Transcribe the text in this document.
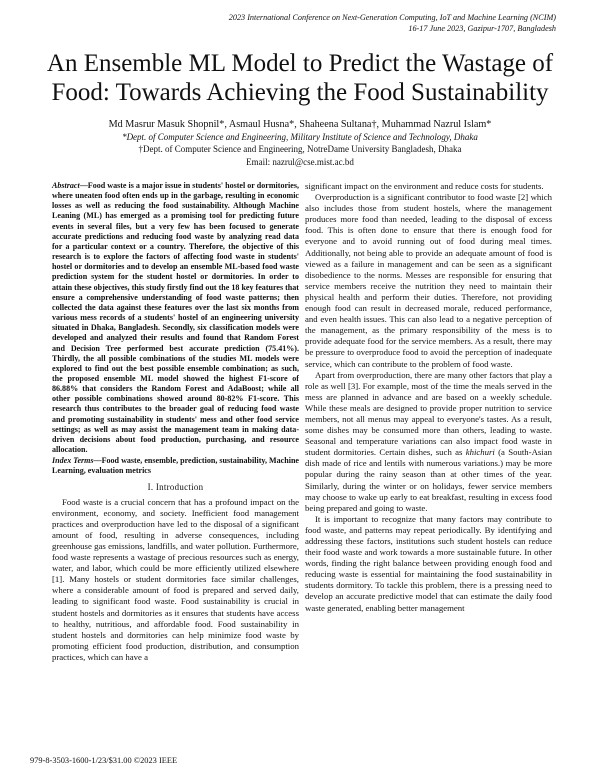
2023 International Conference on Next-Generation Computing, IoT and Machine Learning (NCIM)
16-17 June 2023, Gazipur-1707, Bangladesh
An Ensemble ML Model to Predict the Wastage of
Food: Towards Achieving the Food Sustainability
Md Masrur Masuk Shopnil*, Asmaul Husna*, Shaheena Sultana†, Muhammad Nazrul Islam*
*Dept. of Computer Science and Engineering, Military Institute of Science and Technology, Dhaka
†Dept. of Computer Science and Engineering, NotreDame University Bangladesh, Dhaka
Email: nazrul@cse.mist.ac.bd
Abstract—Food waste is a major issue in students' hostel or dormitories, where uneaten food often ends up in the garbage, resulting in economic losses as well as reducing the food sustainability. Although Machine Leaning (ML) has emerged as a promising tool for predicting future events in several files, but a very few has been focused to generate accurate predictions and reducing food waste by analyzing read data for a particular context or a country. Therefore, the objective of this research is to explore the factors of affecting food waste in students' hostel or dormitories and to develop an ensemble ML-based food waste prediction system for the student hostel or dormitories. In order to attain these objectives, this study firstly find out the 18 key features that ensure a comprehensive understanding of food waste patterns; then collected the data against these features over the last six months from various mess records of a students' hostel of an engineering university situated in Dhaka, Bangladesh. Secondly, six classification models were developed and analyzed their results and found that Random Forest and Decision Tree performed best accurate prediction (75.41%). Thirdly, the all possible combinations of the studies ML models were explored to find out the best possible ensemble combination; as such, the proposed ensemble ML model showed the highest F1-score of 86.88% that considers the Random Forest and AdaBoost; while all other possible combinations showed around 80-82% F1-score. This research thus contributes to the broader goal of reducing food waste and promoting sustainability in students' mess and other food service settings; as well as may assist the management team in making data-driven decisions about food production, purchasing, and resource allocation.
Index Terms—Food waste, ensemble, prediction, sustainability, Machine Learning, evaluation metrics
I. Introduction

Food waste is a crucial concern that has a profound impact on the environment, economy, and society. Inefficient food management practices and overproduction have led to the disposal of a significant amount of food, resulting in adverse consequences, including greenhouse gas emissions, landfills, and water pollution. Furthermore, food waste represents a wastage of precious resources such as energy, water, and labor, which could be more efficiently utilized elsewhere [1]. Many hostels or student dormitories face similar challenges, where a considerable amount of food is prepared and served daily, leading to significant food waste. Food sustainability is crucial in student hostels and dormitories as it ensures that students have access to healthy, nutritious, and affordable food. Food sustainability in student hostels and dormitories can help minimize food waste by promoting efficient food production, distribution, and consumption practices, which can have a

significant impact on the environment and reduce costs for students.

Overproduction is a significant contributor to food waste [2] which also includes those from student hostels, where the management produces more food than needed, leading to the disposal of excess food. This is often done to ensure that there is enough food for everyone and to avoid running out of food during meal times. Additionally, not being able to provide an adequate amount of food is viewed as a failure in management and can be seen as a significant disobedience to the norms. Messes are responsible for ensuring that service members receive the nutrition they need to maintain their physical health and perform their duties. Therefore, not providing enough food can result in decreased morale, reduced performance, and even health issues. This can also lead to a negative perception of the management, as the primary responsibility of the mess is to provide adequate food for the service members. As a result, there may be pressure to overproduce food to avoid the perception of inadequate service, which can contribute to the problem of food waste.

Apart from overproduction, there are many other factors that play a role as well [3]. For example, most of the time the meals served in the mess are planned in advance and are based on a weekly schedule. While these meals are designed to provide proper nutrition to service members, not all menus may appeal to everyone's tastes. As a result, some dishes may be consumed more than others, leading to waste. Seasonal and temperature variations can also impact food waste in student dormitories. Certain dishes, such as khichuri (a South-Asian dish made of rice and lentils with numerous variations.) may be more popular during the rainy season than at other times of the year. Similarly, during the winter or on holidays, fewer service members may choose to wake up early to eat breakfast, resulting in excess food being prepared and going to waste.

It is important to recognize that many factors may contribute to food waste, and patterns may repeat periodically. By identifying and addressing these factors, institutions such student hostels can reduce their food waste and work towards a more sustainable future. In other words, finding the right balance between providing enough food and reducing waste is essential for maintaining the food sustainability in students dormitory. To tackle this problem, there is a pressing need to develop an accurate predictive model that can estimate the daily food waste generated, enabling better management

979-8-3503-1600-1/23/$31.00 ©2023 IEEE
